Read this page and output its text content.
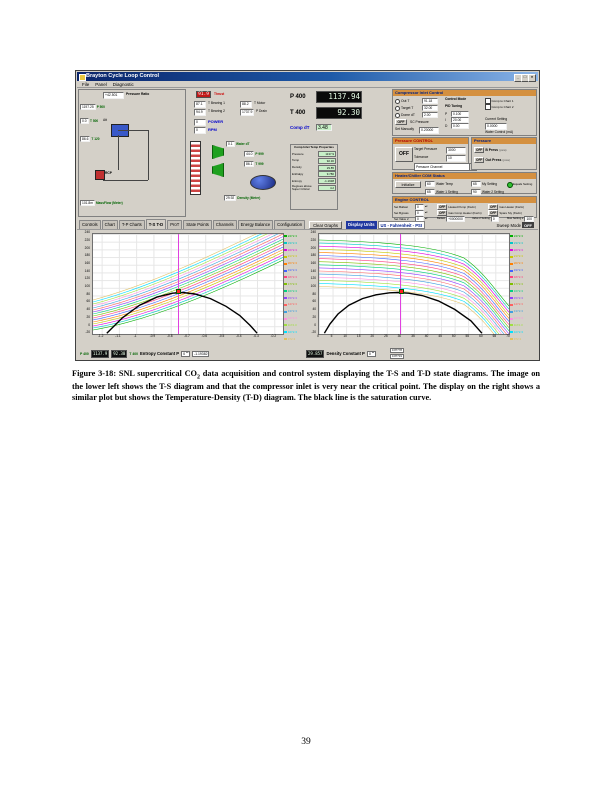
Brayton Cycle Loop Control	_	□	×
File Panel Diagnostic
+42.501	Pressure Ratio
Att
RCP
1197.25 P 500
0.0	T 500
86.6 T 120
101.8m MassFlow (Meter)
91.9	Thrust
87.1	T Bearing 1	88.2	T Motor
94.9	T Bearing 2	1737.9	P Drain
0	POWER
0	RPM
0.1	Water dT
44.0 P 999
86.1 T 999
29.92 Density (Meter)
P 400	1137.94
T 400	92.30
Comp dT	3.48
Comp Inlet Temp Properties
Pressure	1137.9
Temp	92.30
Density	29.85
Enthalpy	9.780
Entropy	-1.1938
Degrees above Super Critical	4.2
Compressor Inlet Control
Out T	91.18
Target T	32.00
Dome dT	2.00
OFF	SC Pressure
Set Manually	0.20000
Control Mode
PID Tuning
P	0.100
I	20.00
D	0.00
Comp to Chart 1
Comp to Chart 2
Current Setting
0.0000
Water Control (mA)
Pressure CONTROL
OFF
Target Pressure	3000
Tolerance	10
Pressure Channel
Pressure
OFF B Press (psia)
OFF Out Press (psia)
Heater/Chiller COM Status
Initialize	60	Water Temp	65	My Setting
65	Water 1 Setting	90	Water 2 Setting
Equals Setting
Engine CONTROL
Set Ballast	0	▴▾
Set Bypass	0	▴▾
Set Valve 2	0	▴▾
OFF	Heated Pump (Kw/m)
OFF	Gas Comp Heater (Kw/m)
OFF	Gas Heater (Kw/m)
OFF	Spare Sty (Kw/m)
Ballast +0000000	Valve 2 Setting 0	Max Setting 2 100
Controls	Chart	T-P Charts	T-S T-D	ProT	State Points	Channels	Energy Balance	Configuration	Clear Graphs	Display Units	US - Fahrenheit - PSI	Sweep Mode OFF
240
220
200
180
160
140
120
100
80
60
40
20
0
-20
-1.2	-1.1	-1	-0.9	-0.8	-0.7	-0.6	-0.5	-0.4	-0.3	-0.2
2472.3
2372.3
2272.3
2172.3
2072.3
1972.3
1872.3
1772.3
1672.3
1572.3
1472.3
1372.3
1272.3
1172.3
1072.3
972.3
240
220
200
180
160
140
120
100
80
60
40
20
0
-20
0	5	10	15	20	25	30	35	40	45	50	55	60	65	70
2472.3
2372.3
2272.3
2172.3
2072.3
1972.3
1872.3
1772.3
1672.3
1572.3
1472.3
1372.3
1272.3
1172.3
1072.3
972.3
P 400	1137.9	92.30	T 400 Entropy Constant P	0 ▴▾	-1.19382	29.857 Density Constant P	0 ▴▾
0.87778
0.87719

Figure 3-18: SNL supercritical $CO_2$ data acquisition and control system displaying the T-S and T-D state diagrams. The image on the lower left shows the T-S diagram and that the compressor inlet is very near the critical point. The display on the right shows a similar plot but shows the Temperature-Density (T-D) diagram. The black line is the saturation curve.

39
